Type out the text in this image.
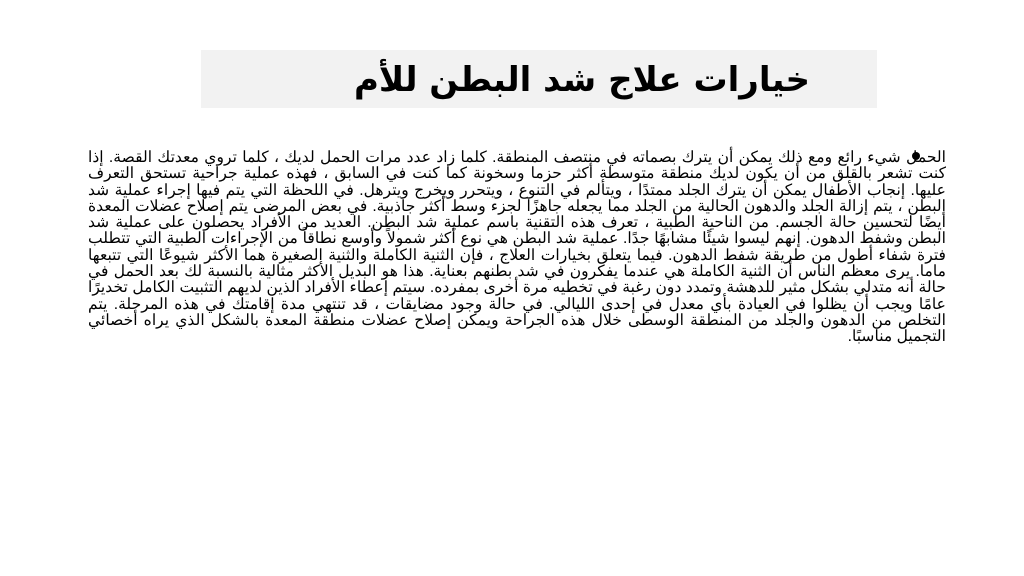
خيارات علاج شد البطن للأم
الحمل شيء رائع ومع ذلك يمكن أن يترك بصماته في منتصف المنطقة. كلما زاد عدد مرات الحمل لديك ، كلما تروي معدتك القصة. إذا كنت تشعر بالقلق من أن يكون لديك منطقة متوسطة أكثر حزما وسخونة كما كنت في السابق ، فهذه عملية جراحية تستحق التعرف عليها. إنجاب الأطفال يمكن أن يترك الجلد ممتدًا ، ويتألم في التنوع ، ويتحرر ويخرج ويترهل. في اللحظة التي يتم فيها إجراء عملية شد البطن ، يتم إزالة الجلد والدهون الحالية من الجلد مما يجعله جاهزًا لجزء وسط أكثر جاذبية. في بعض المرضى يتم إصلاح عضلات المعدة أيضًا لتحسين حالة الجسم. من الناحية الطبية ، تعرف هذه التقنية باسم عملية شد البطن. العديد من الأفراد يحصلون على عملية شد البطن وشفط الدهون. إنهم ليسوا شيئًا مشابهًا جدًا. عملية شد البطن هي نوع أكثر شمولاً وأوسع نطاقاً من الإجراءات الطبية التي تتطلب فترة شفاء أطول من طريقة شفط الدهون. فيما يتعلق بخيارات العلاج ، فإن الثنية الكاملة والثنية الصغيرة هما الأكثر شيوعًا التي تتبعها ماما. يرى معظم الناس أن الثنية الكاملة هي عندما يفكرون في شد بطنهم بعناية. هذا هو البديل الأكثر مثالية بالنسبة لك بعد الحمل في حالة أنه متدلي بشكل مثير للدهشة وتمدد دون رغبة في تخطيه مرة أخرى بمفرده. سيتم إعطاء الأفراد الذين لديهم التثبيت الكامل تخديرًا عامًا ويجب أن يظلوا في العيادة بأي معدل في إحدى الليالي. في حالة وجود مضايقات ، قد تنتهي مدة إقامتك في هذه المرحلة. يتم التخلص من الدهون والجلد من المنطقة الوسطى خلال هذه الجراحة ويمكن إصلاح عضلات منطقة المعدة بالشكل الذي يراه أخصائي التجميل مناسبًا.
